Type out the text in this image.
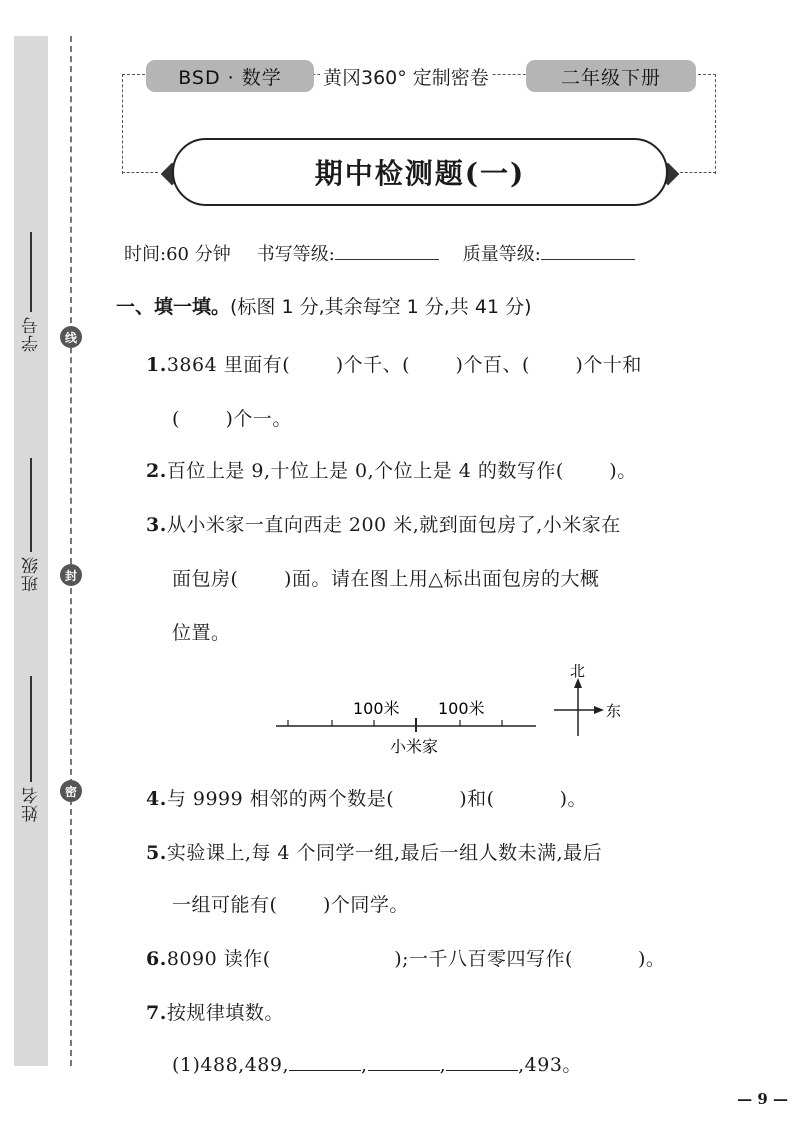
学号
班级
姓名
线
封
密
BSD · 数学	黄冈360° 定制密卷	二年级下册
期中检测题(一)
时间:60 分钟 书写等级:	质量等级:
一、填一填。(标图 1 分,其余每空 1 分,共 41 分)
1.3864 里面有(　　 )个千、(　　 )个百、(　　 )个十和
(　　 )个一。
2.百位上是 9,十位上是 0,个位上是 4 的数写作(　　 )。
3.从小米家一直向西走 200 米,就到面包房了,小米家在
面包房(　　 )面。请在图上用△标出面包房的大概
位置。
100米 100米
小米家
北
东
4.与 9999 相邻的两个数是(　　　 )和(　　　 )。
5.实验课上,每 4 个同学一组,最后一组人数未满,最后
一组可能有(　　 )个同学。
6.8090 读作(　　　　　　 );一千八百零四写作(　　　 )。
7.按规律填数。
(1)488,489,	,	,	,493。
— 9 —
